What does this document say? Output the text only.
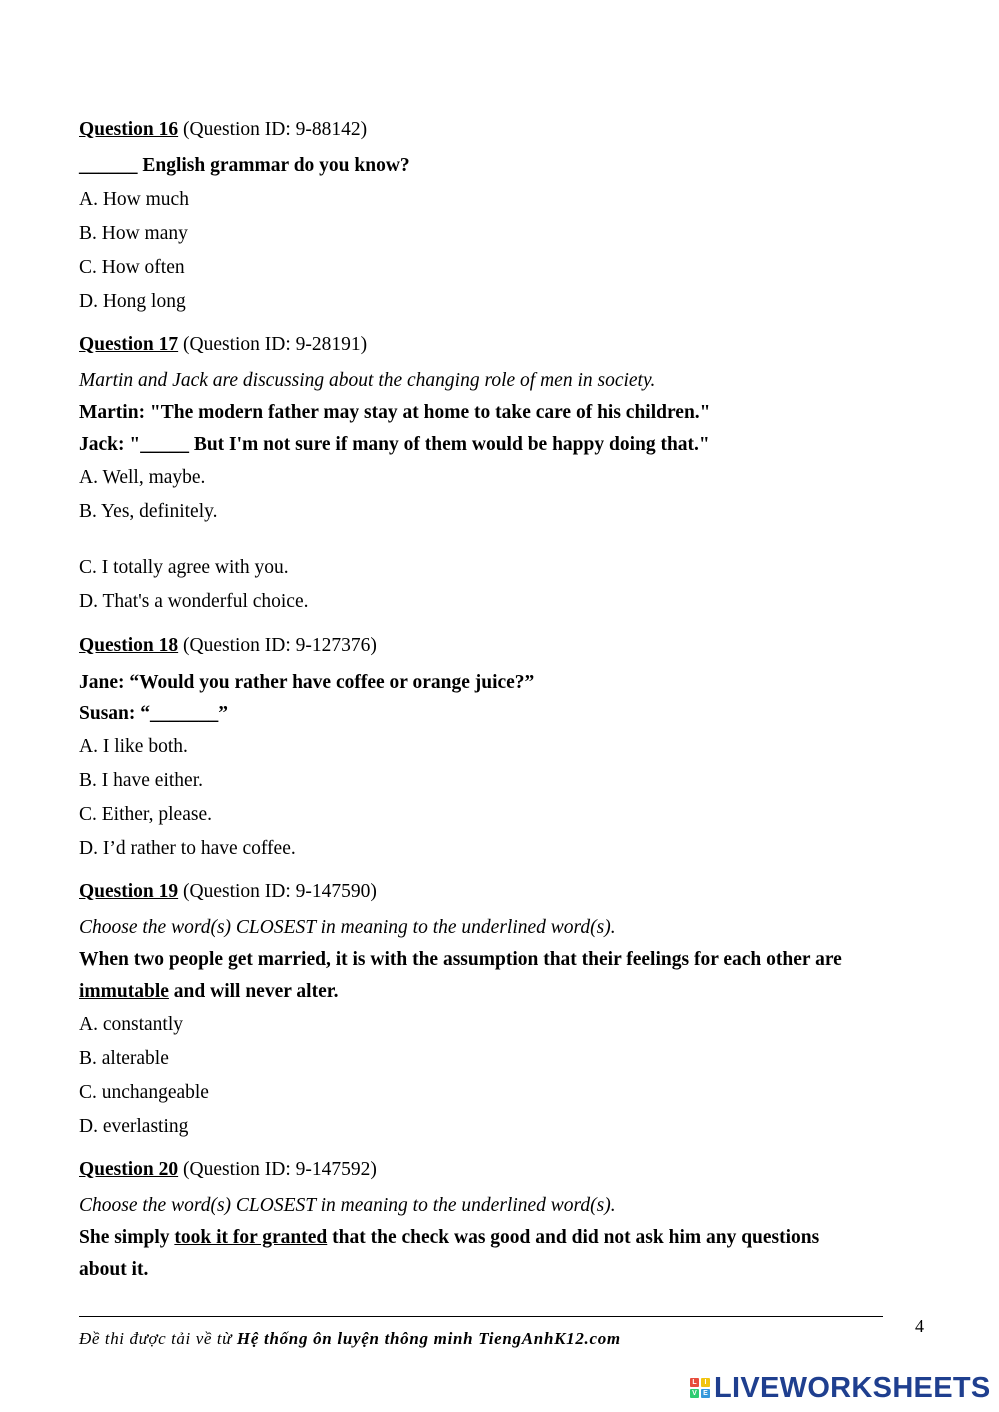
Question 16 (Question ID: 9-88142)
______ English grammar do you know?
A. How much
B. How many
C. How often
D. Hong long
Question 17 (Question ID: 9-28191)
Martin and Jack are discussing about the changing role of men in society.
Martin: "The modern father may stay at home to take care of his children."
Jack: "_____ But I'm not sure if many of them would be happy doing that."
A. Well, maybe.
B. Yes, definitely.
C. I totally agree with you.
D. That's a wonderful choice.
Question 18 (Question ID: 9-127376)
Jane: “Would you rather have coffee or orange juice?”
Susan: “_______”
A. I like both.
B. I have either.
C. Either, please.
D. I’d rather to have coffee.
Question 19 (Question ID: 9-147590)
Choose the word(s) CLOSEST in meaning to the underlined word(s).
When two people get married, it is with the assumption that their feelings for each other are
immutable and will never alter.
A. constantly
B. alterable
C. unchangeable
D. everlasting
Question 20 (Question ID: 9-147592)
Choose the word(s) CLOSEST in meaning to the underlined word(s).
She simply took it for granted that the check was good and did not ask him any questions
about it.
Đề thi được tải về từ Hệ thống ôn luyện thông minh TiengAnhK12.com
4
L	I
V E LIVEWORKSHEETS
